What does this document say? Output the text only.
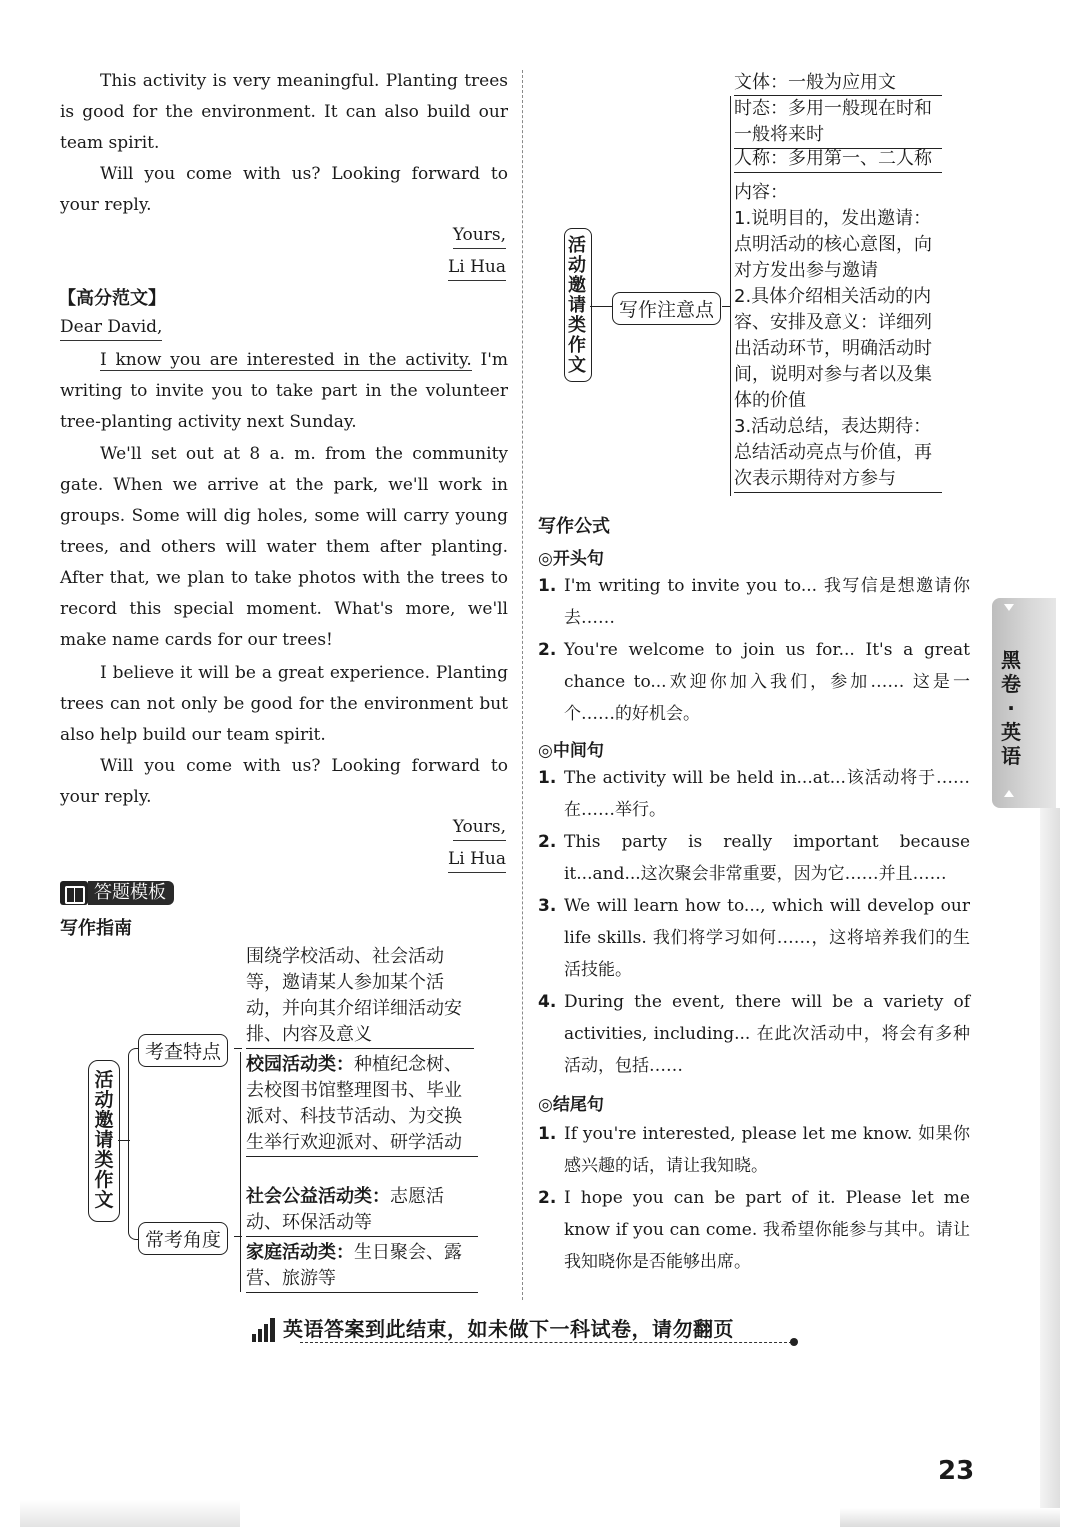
This activity is very meaningful. Planting trees is good for the environment. It can also build our team spirit.
Will you come with us? Looking forward to your reply.
Yours,
Li Hua
【高分范文】
Dear David,
I know you are interested in the activity. I'm writing to invite you to take part in the volunteer tree-planting activity next Sunday.
We'll set out at 8 a. m. from the community gate. When we arrive at the park, we'll work in groups. Some will dig holes, some will carry young trees, and others will water them after planting. After that, we plan to take photos with the trees to record this special moment. What's more, we'll make name cards for our trees!
I believe it will be a great experience. Planting trees can not only be good for the environment but also help build our team spirit.
Will you come with us? Looking forward to your reply.
Yours,
Li Hua
答题模板
写作指南
活动邀请类作文
考查特点
常考角度
围绕学校活动、社会活动等，邀请某人参加某个活动，并向其介绍详细活动安排、内容及意义
校园活动类：种植纪念树、去校图书馆整理图书、毕业派对、科技节活动、为交换生举行欢迎派对、研学活动
社会公益活动类：志愿活动、环保活动等
家庭活动类：生日聚会、露营、旅游等
活动邀请类作文
写作注意点
文体：一般为应用文
时态：多用一般现在时和一般将来时
人称：多用第一、二人称
内容：
1.说明目的，发出邀请：点明活动的核心意图，向对方发出参与邀请
2.具体介绍相关活动的内容、安排及意义：详细列出活动环节，明确活动时间，说明对参与者以及集体的价值
3.活动总结，表达期待：总结活动亮点与价值，再次表示期待对方参与
写作公式
◎开头句
1. I'm writing to invite you to... 我写信是想邀请你去……
2. You're welcome to join us for... It's a great chance to...欢迎你加入我们，参加…… 这是一个……的好机会。
◎中间句
1. The activity will be held in...at...该活动将于……在……举行。
2. This party is really important because it...and...这次聚会非常重要，因为它……并且……
3. We will learn how to..., which will develop our life skills. 我们将学习如何……，这将培养我们的生活技能。
4. During the event, there will be a variety of activities, including... 在此次活动中，将会有多种活动，包括……
◎结尾句
1. If you're interested, please let me know. 如果你感兴趣的话，请让我知晓。
2. I hope you can be part of it. Please let me know if you can come. 我希望你能参与其中。请让我知晓你是否能够出席。
黑卷·英语
英语答案到此结束，如未做下一科试卷，请勿翻页
23
